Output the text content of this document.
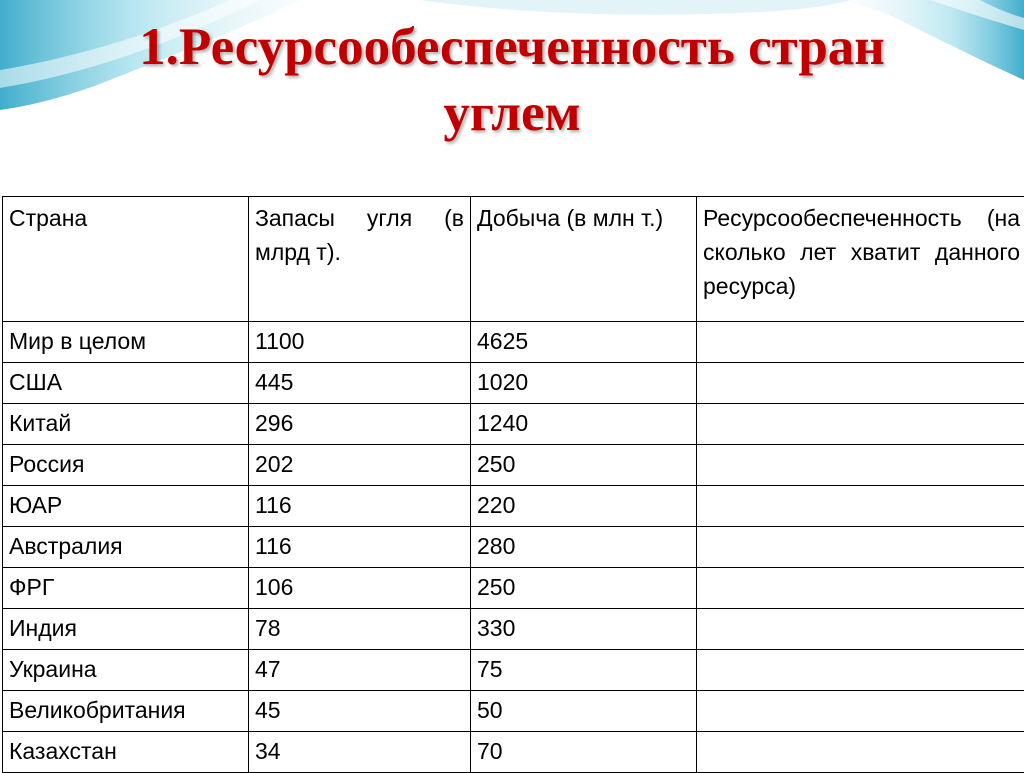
1.Ресурсообеспеченность стран
углем
Страна	Запасы угля (в млрд т).	Добыча (в млн т.)	Ресурсообеспеченность (на сколько лет хватит данного ресурса)
Мир в целом	1100	4625	
США	445	1020	
Китай	296	1240	
Россия	202	250	
ЮАР	116	220	
Австралия	116	280	
ФРГ	106	250	
Индия	78	330	
Украина	47	75	
Великобритания	45	50	
Казахстан	34	70	
